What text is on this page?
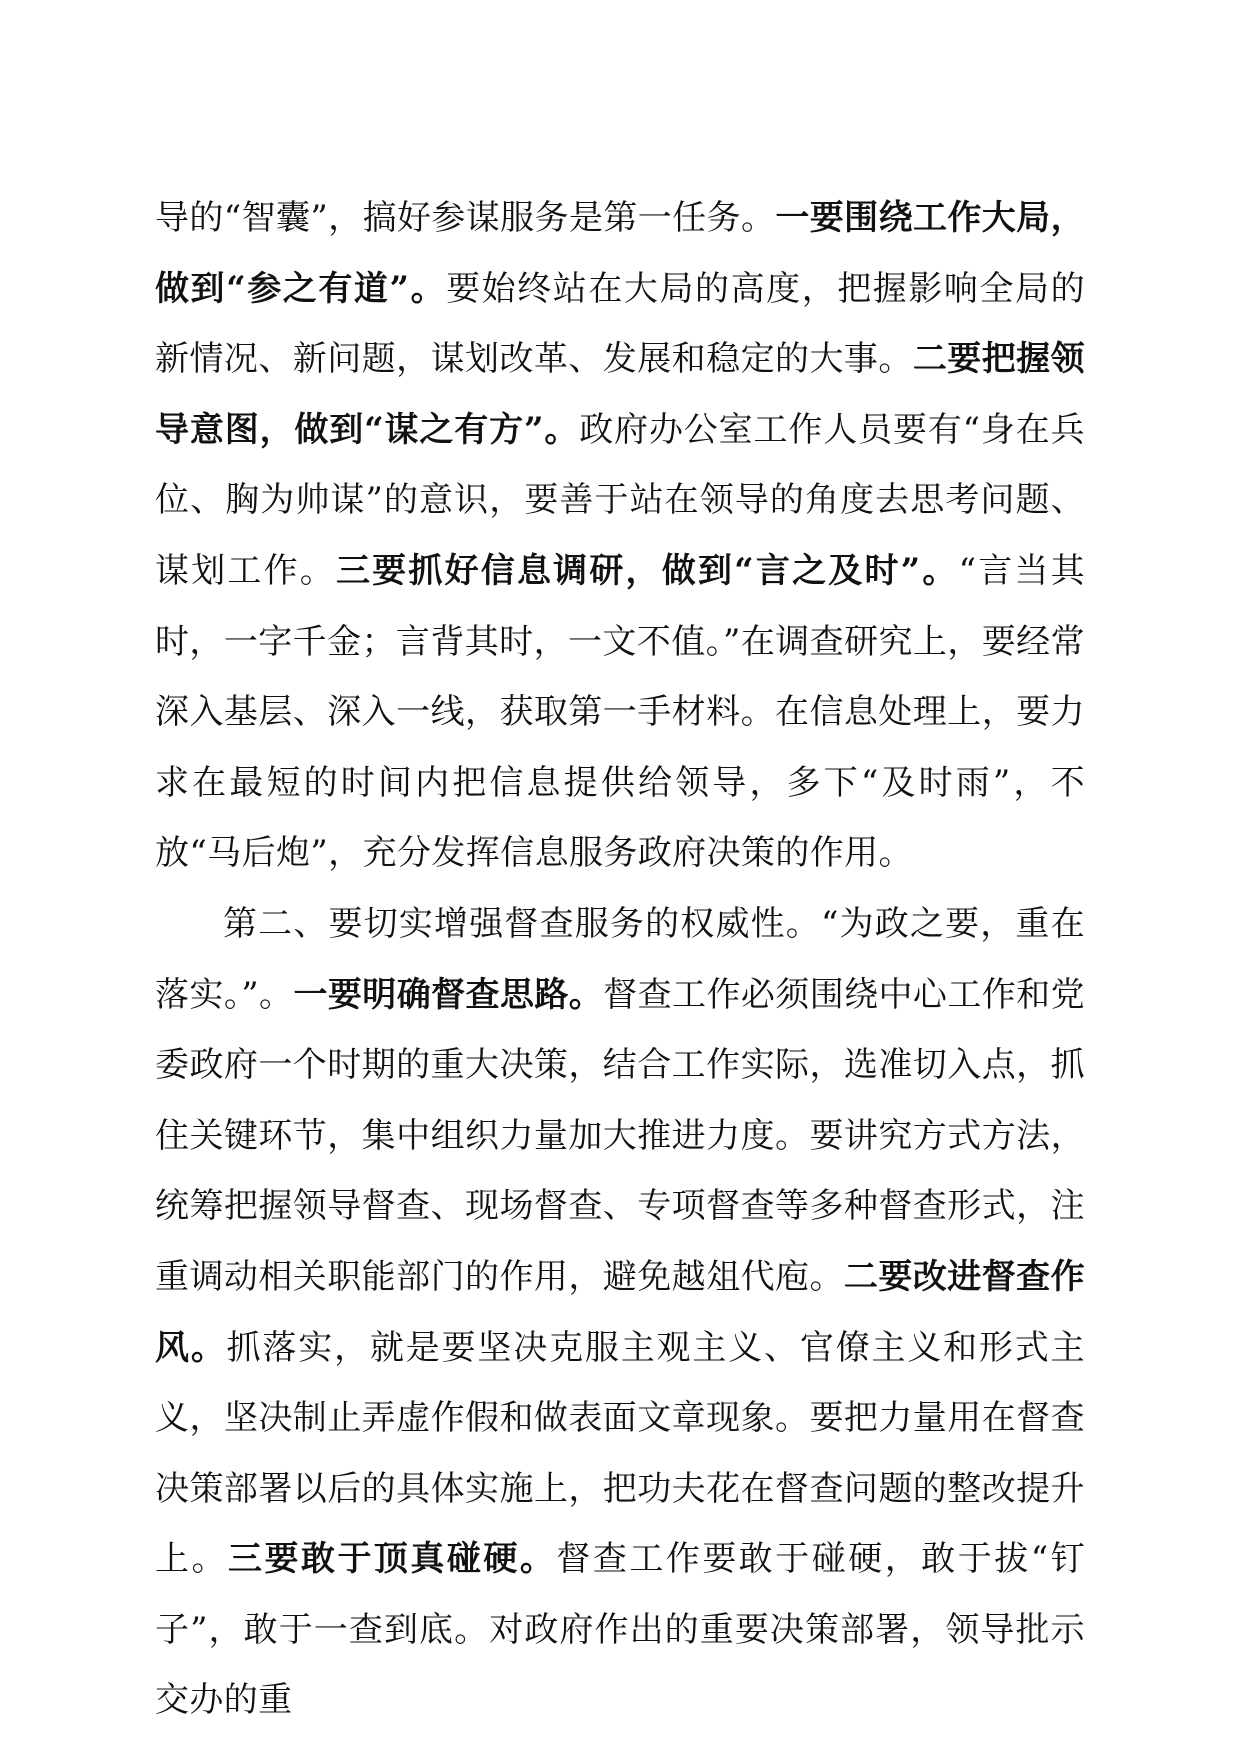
导的“智囊”，搞好参谋服务是第一任务。一要围绕工作大局，做到“参之有道”。要始终站在大局的高度，把握影响全局的新情况、新问题，谋划改革、发展和稳定的大事。二要把握领导意图，做到“谋之有方”。政府办公室工作人员要有“身在兵位、胸为帅谋”的意识，要善于站在领导的角度去思考问题、谋划工作。三要抓好信息调研，做到“言之及时”。“言当其时，一字千金；言背其时，一文不值。”在调查研究上，要经常深入基层、深入一线，获取第一手材料。在信息处理上，要力求在最短的时间内把信息提供给领导，多下“及时雨”，不放“马后炮”，充分发挥信息服务政府决策的作用。

第二、要切实增强督查服务的权威性。“为政之要，重在落实。”。一要明确督查思路。督查工作必须围绕中心工作和党委政府一个时期的重大决策，结合工作实际，选准切入点，抓住关键环节，集中组织力量加大推进力度。要讲究方式方法，统筹把握领导督查、现场督查、专项督查等多种督查形式，注重调动相关职能部门的作用，避免越俎代庖。二要改进督查作风。抓落实，就是要坚决克服主观主义、官僚主义和形式主义，坚决制止弄虚作假和做表面文章现象。要把力量用在督查决策部署以后的具体实施上，把功夫花在督查问题的整改提升上。三要敢于顶真碰硬。督查工作要敢于碰硬，敢于拔“钉子”，敢于一查到底。对政府作出的重要决策部署，领导批示交办的重
